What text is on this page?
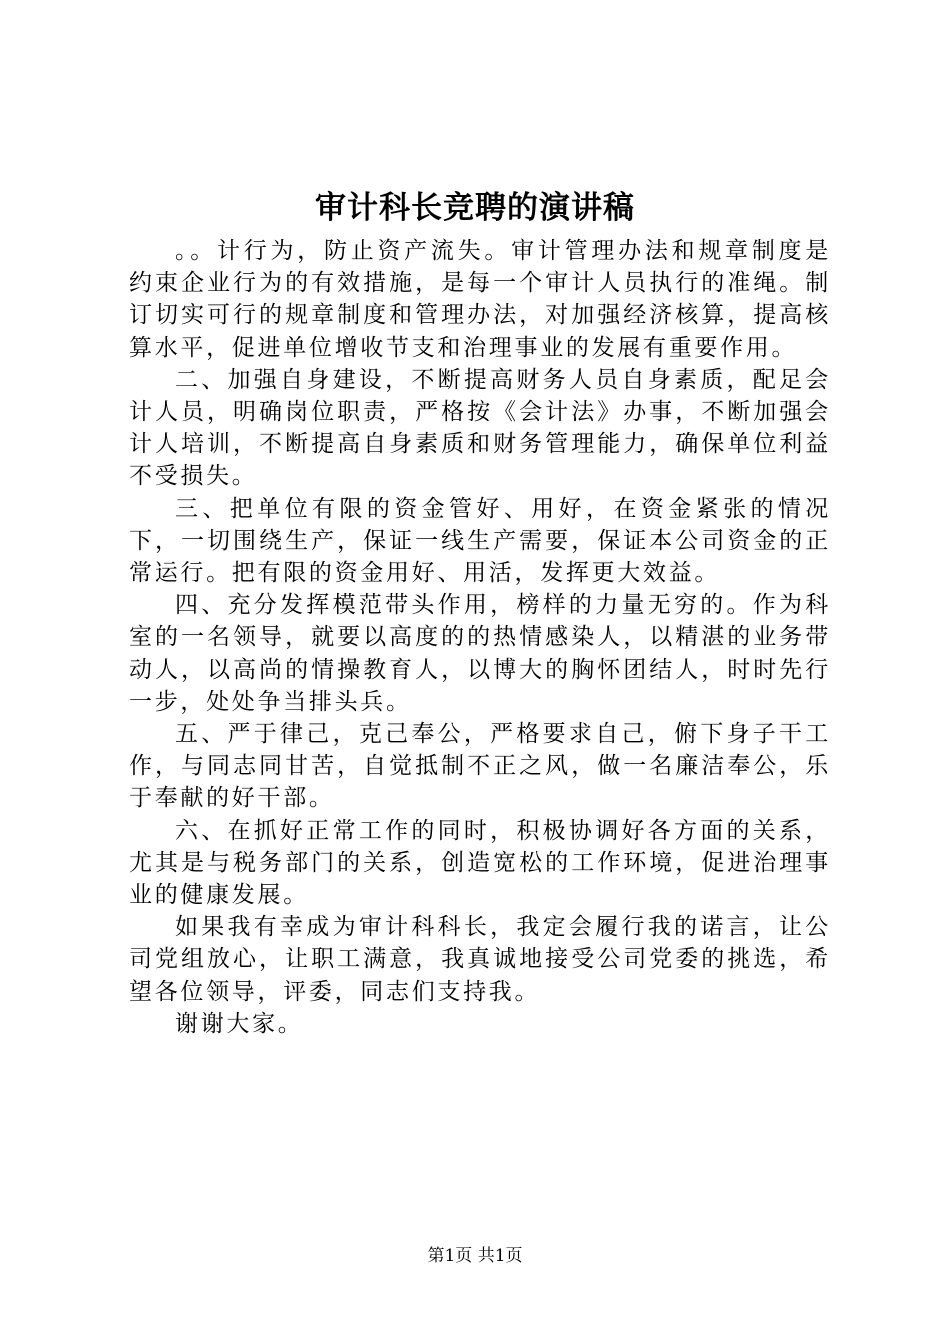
审计科长竞聘的演讲稿

。。计行为，防止资产流失。审计管理办法和规章制度是约束企业行为的有效措施，是每一个审计人员执行的准绳。制订切实可行的规章制度和管理办法，对加强经济核算，提高核算水平，促进单位增收节支和治理事业的发展有重要作用。

二、加强自身建设，不断提高财务人员自身素质，配足会计人员，明确岗位职责，严格按《会计法》办事，不断加强会计人培训，不断提高自身素质和财务管理能力，确保单位利益不受损失。

三、把单位有限的资金管好、用好，在资金紧张的情况下，一切围绕生产，保证一线生产需要，保证本公司资金的正常运行。把有限的资金用好、用活，发挥更大效益。

四、充分发挥模范带头作用，榜样的力量无穷的。作为科室的一名领导，就要以高度的的热情感染人，以精湛的业务带动人，以高尚的情操教育人，以博大的胸怀团结人，时时先行一步，处处争当排头兵。

五、严于律己，克己奉公，严格要求自己，俯下身子干工作，与同志同甘苦，自觉抵制不正之风，做一名廉洁奉公，乐于奉献的好干部。

六、在抓好正常工作的同时，积极协调好各方面的关系，尤其是与税务部门的关系，创造宽松的工作环境，促进治理事业的健康发展。

如果我有幸成为审计科科长，我定会履行我的诺言，让公司党组放心，让职工满意，我真诚地接受公司党委的挑选，希望各位领导，评委，同志们支持我。

谢谢大家。

第1页 共1页
